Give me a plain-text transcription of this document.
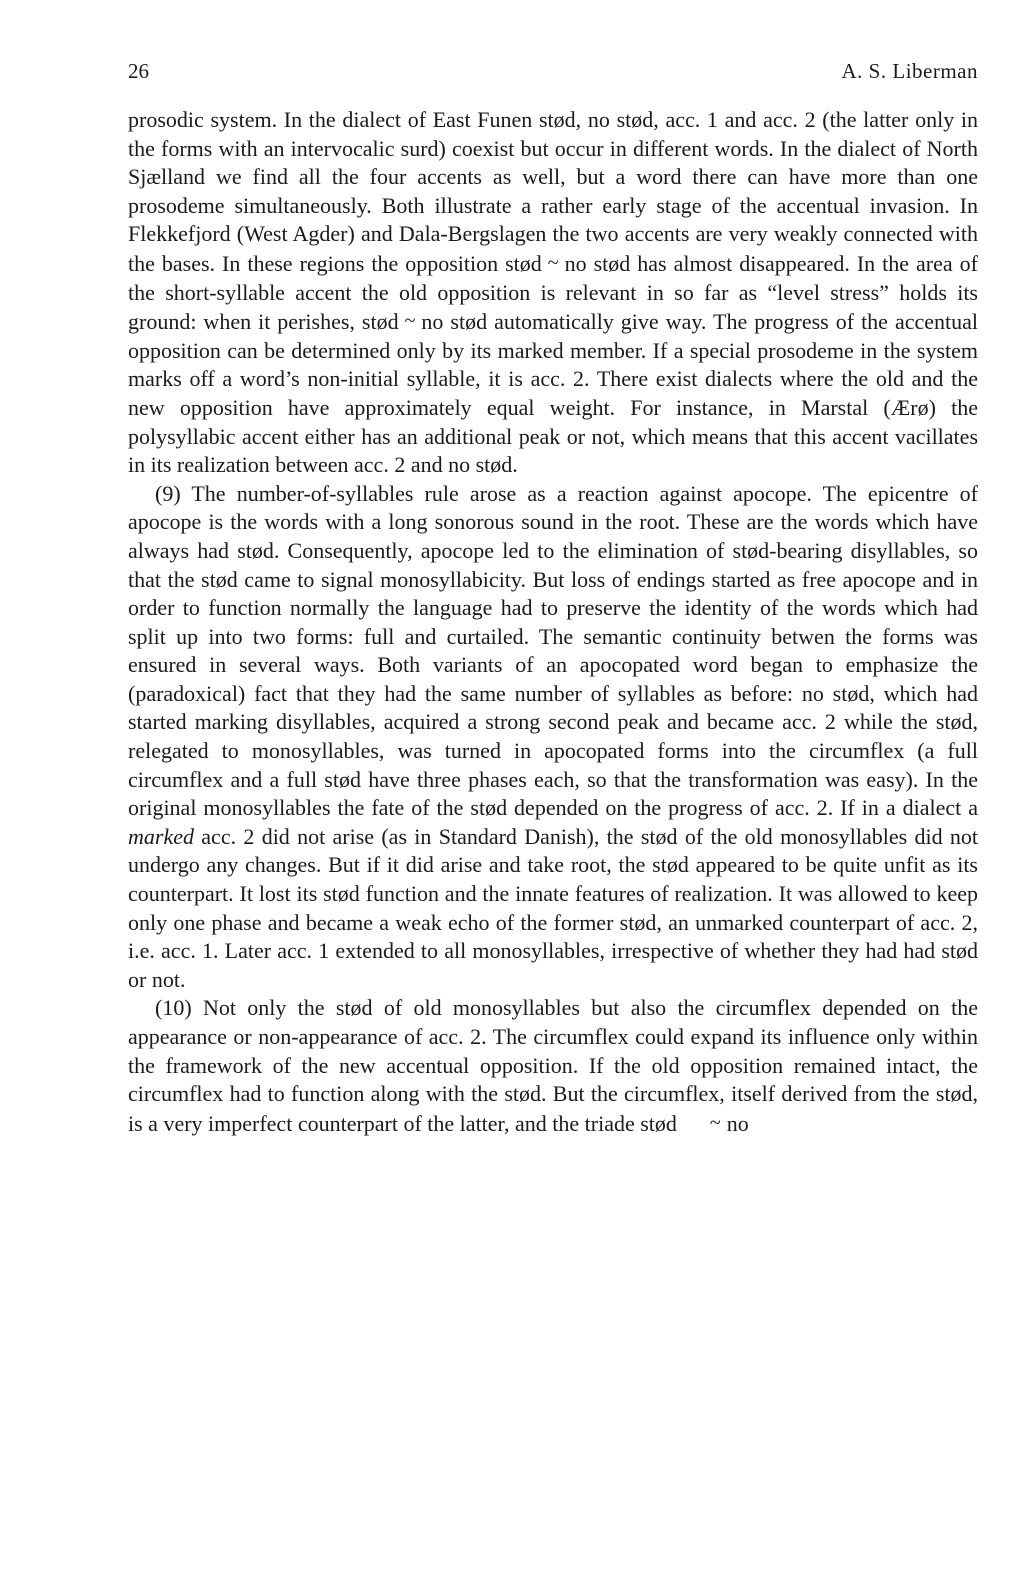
26	A. S. Liberman

prosodic system. In the dialect of East Funen stød, no stød, acc. 1 and acc. 2 (the latter only in the forms with an intervocalic surd) coexist but occur in different words. In the dialect of North Sjælland we find all the four accents as well, but a word there can have more than one prosodeme simultaneously. Both illustrate a rather early stage of the accentual invasion. In Flekkefjord (West Agder) and Dala-Bergslagen the two accents are very weakly connected with the bases. In these regions the opposition stød ~ no stød has almost disappeared. In the area of the short-syllable accent the old opposition is relevant in so far as “level stress” holds its ground: when it perishes, stød ~ no stød automatically give way. The progress of the accentual opposition can be determined only by its marked member. If a special prosodeme in the system marks off a word’s non-initial syllable, it is acc. 2. There exist dialects where the old and the new opposition have approximately equal weight. For instance, in Marstal (Ærø) the polysyllabic accent either has an additional peak or not, which means that this accent vacillates in its realization between acc. 2 and no stød.

(9) The number-of-syllables rule arose as a reaction against apocope. The epicentre of apocope is the words with a long sonorous sound in the root. These are the words which have always had stød. Consequently, apocope led to the elimination of stød-bearing disyllables, so that the stød came to signal monosyllabicity. But loss of endings started as free apocope and in order to function normally the language had to preserve the identity of the words which had split up into two forms: full and curtailed. The semantic continuity betwen the forms was ensured in several ways. Both variants of an apocopated word began to emphasize the (paradoxical) fact that they had the same number of syllables as before: no stød, which had started marking disyllables, acquired a strong second peak and became acc. 2 while the stød, relegated to monosyllables, was turned in apocopated forms into the circumflex (a full circumflex and a full stød have three phases each, so that the transformation was easy). In the original monosyllables the fate of the stød depended on the progress of acc. 2. If in a dialect a marked acc. 2 did not arise (as in Standard Danish), the stød of the old monosyllables did not undergo any changes. But if it did arise and take root, the stød appeared to be quite unfit as its counterpart. It lost its stød function and the innate features of realization. It was allowed to keep only one phase and became a weak echo of the former stød, an unmarked counterpart of acc. 2, i.e. acc. 1. Later acc. 1 extended to all monosyllables, irrespective of whether they had had stød or not.

(10) Not only the stød of old monosyllables but also the circumflex depended on the appearance or non-appearance of acc. 2. The circumflex could expand its influence only within the framework of the new accentual opposition. If the old opposition remained intact, the circumflex had to function along with the stød. But the circumflex, itself derived from the stød, is a very imperfect counterpart of the latter, and the triade stød ~ no
